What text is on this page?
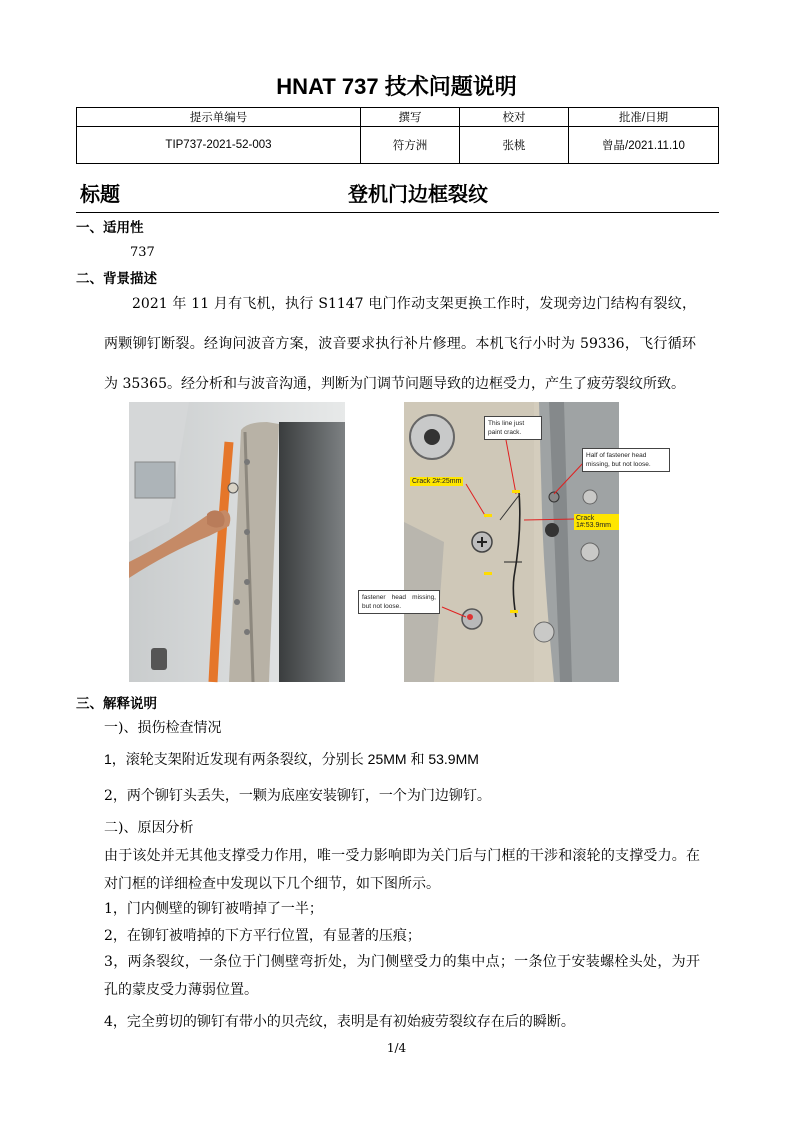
HNAT 737 技术问题说明
提示单编号	撰写	校对	批准/日期
TIP737-2021-52-003	符方洲	张桃	曾晶/2021.11.10
标题	登机门边框裂纹
一、适用性
737
二、背景描述
2021 年 11 月有飞机，执行 S1147 电门作动支架更换工作时，发现旁边门结构有裂纹，两颗铆钉断裂。经询问波音方案，波音要求执行补片修理。本机飞行小时为 59336，飞行循环为 35365。经分析和与波音沟通，判断为门调节问题导致的边框受力，产生了疲劳裂纹所致。
This line just paint crack.
Half of fastener head missing, but not loose.
Crack 2#:25mm
Crack 1#:53.9mm
fastener head missing, but not loose.
三、解释说明
一)、损伤检查情况
1，滚轮支架附近发现有两条裂纹，分别长 25MM 和 53.9MM
2，两个铆钉头丢失，一颗为底座安装铆钉，一个为门边铆钉。
二)、原因分析
由于该处并无其他支撑受力作用，唯一受力影响即为关门后与门框的干涉和滚轮的支撑受力。在对门框的详细检查中发现以下几个细节，如下图所示。
1，门内侧壁的铆钉被啃掉了一半；
2，在铆钉被啃掉的下方平行位置，有显著的压痕；
3，两条裂纹，一条位于门侧壁弯折处，为门侧壁受力的集中点；一条位于安装螺栓头处，为开孔的蒙皮受力薄弱位置。
4，完全剪切的铆钉有带小的贝壳纹，表明是有初始疲劳裂纹存在后的瞬断。
1/4
